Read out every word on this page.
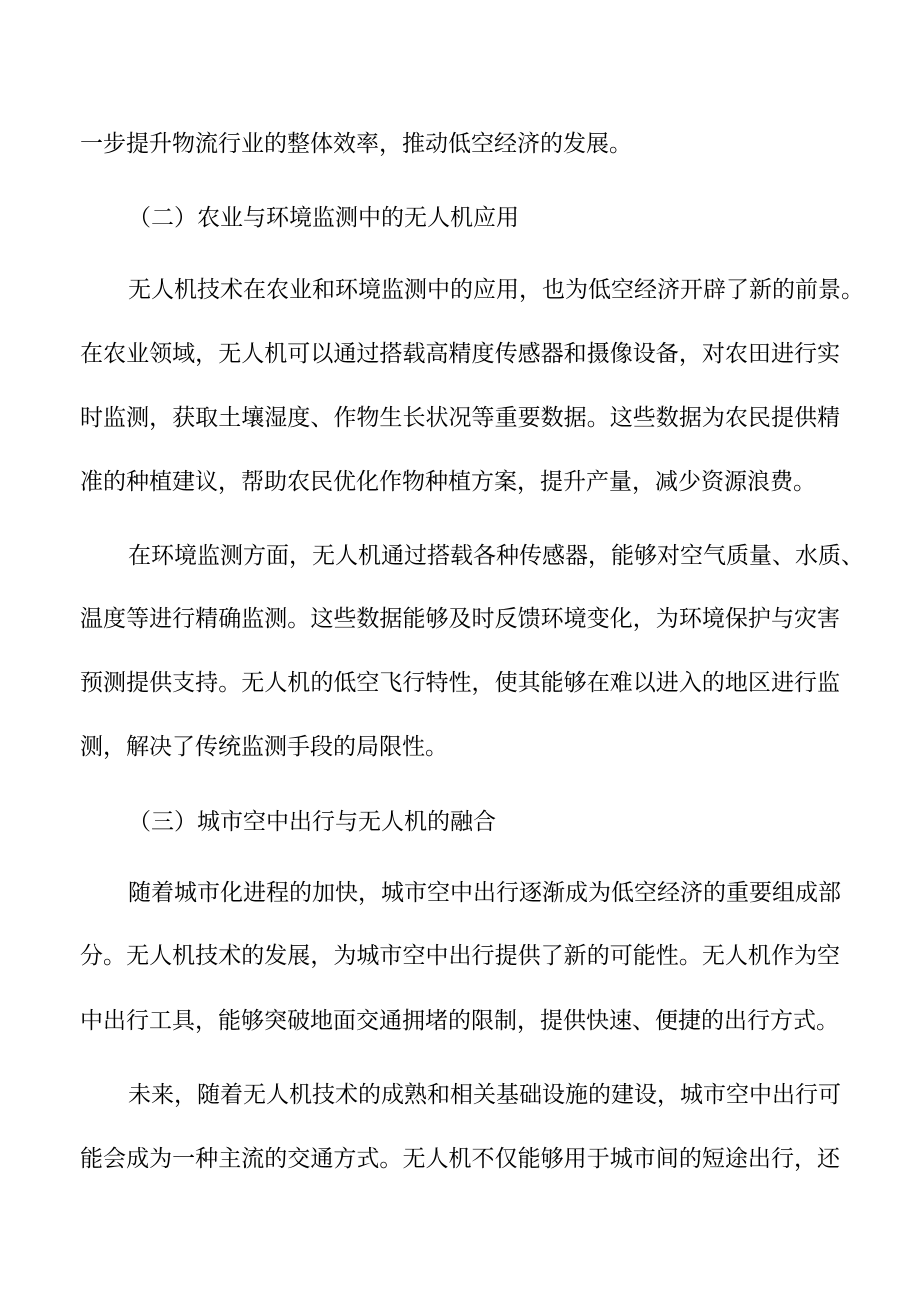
一步提升物流行业的整体效率，推动低空经济的发展。
（二）农业与环境监测中的无人机应用
无人机技术在农业和环境监测中的应用，也为低空经济开辟了新的前景。
在农业领域，无人机可以通过搭载高精度传感器和摄像设备，对农田进行实
时监测，获取土壤湿度、作物生长状况等重要数据。这些数据为农民提供精
准的种植建议，帮助农民优化作物种植方案，提升产量，减少资源浪费。
在环境监测方面，无人机通过搭载各种传感器，能够对空气质量、水质、
温度等进行精确监测。这些数据能够及时反馈环境变化，为环境保护与灾害
预测提供支持。无人机的低空飞行特性，使其能够在难以进入的地区进行监
测，解决了传统监测手段的局限性。
（三）城市空中出行与无人机的融合
随着城市化进程的加快，城市空中出行逐渐成为低空经济的重要组成部
分。无人机技术的发展，为城市空中出行提供了新的可能性。无人机作为空
中出行工具，能够突破地面交通拥堵的限制，提供快速、便捷的出行方式。
未来，随着无人机技术的成熟和相关基础设施的建设，城市空中出行可
能会成为一种主流的交通方式。无人机不仅能够用于城市间的短途出行，还
